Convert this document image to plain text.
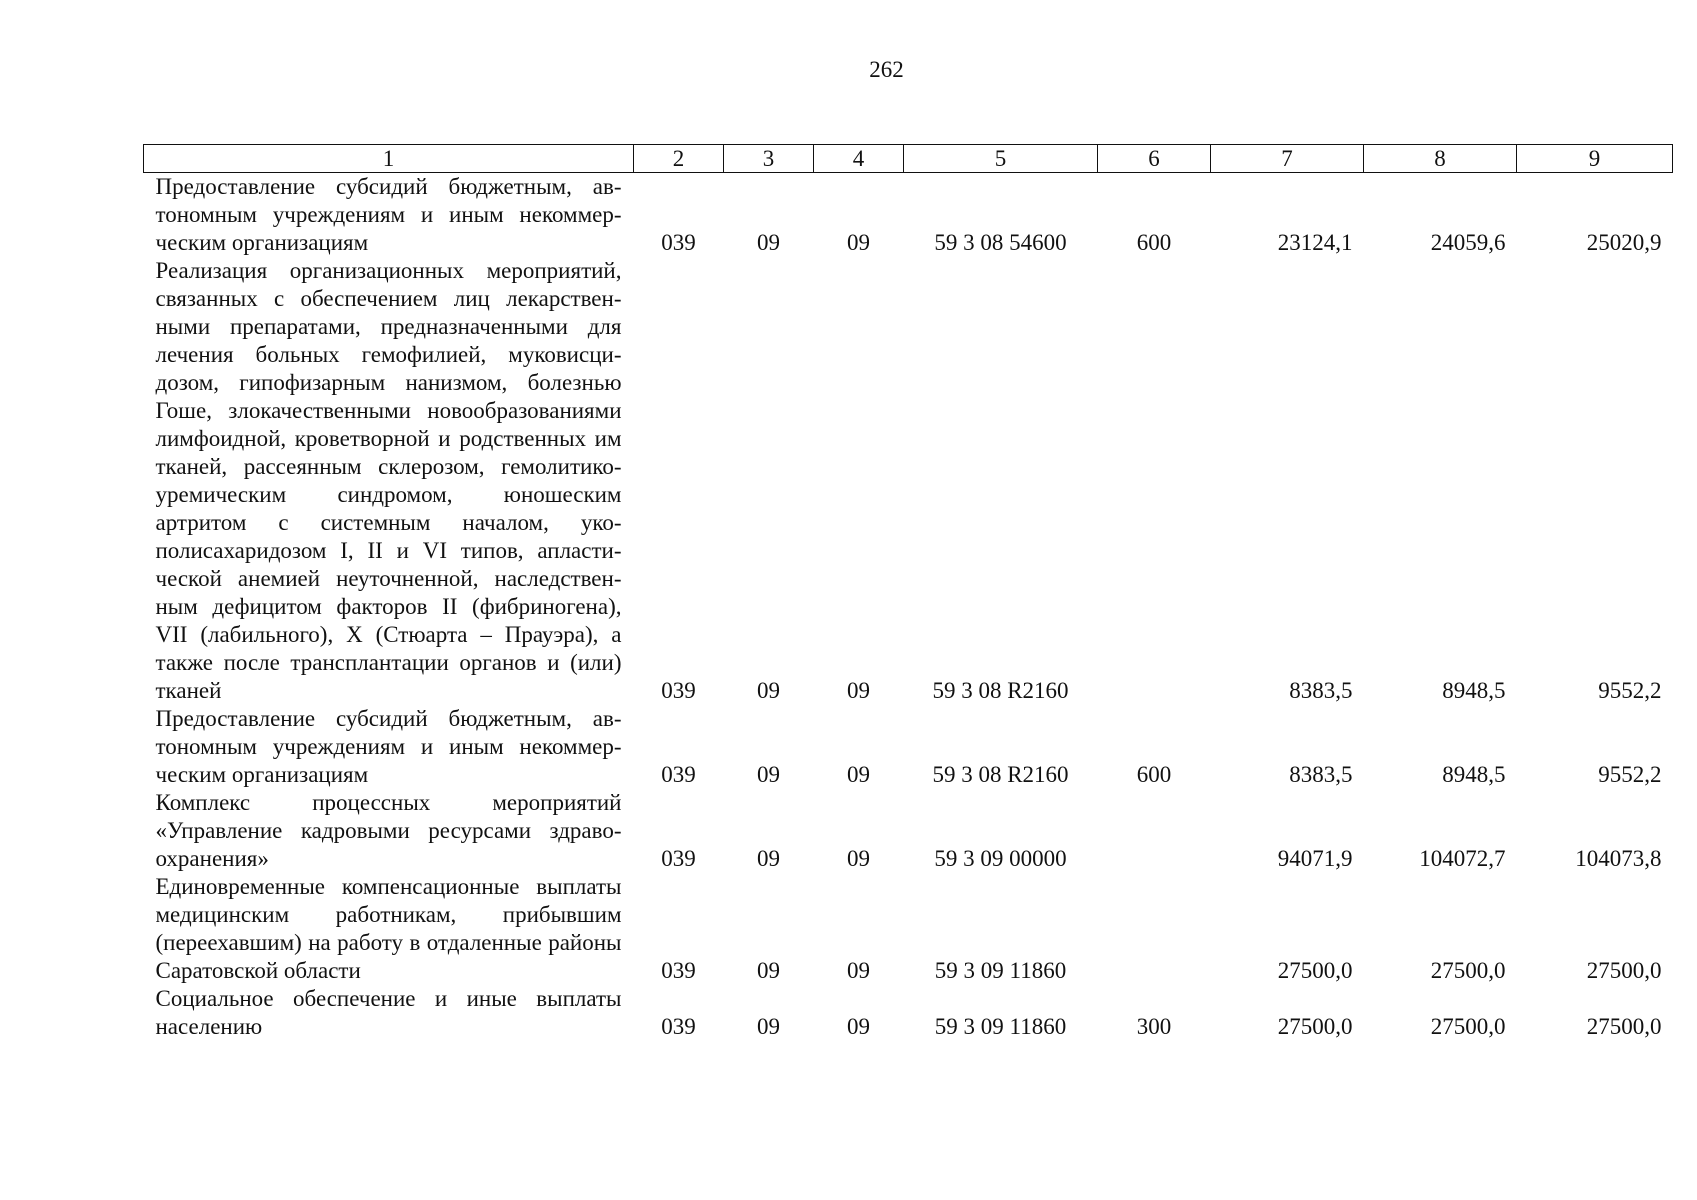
262
1	2	3	4	5	6	7	8	9
Предоставление субсидий бюджетным, автономным учреждениям и иным некоммерческим организациям	039	09	09	59 3 08 54600	600	23124,1	24059,6	25020,9
Реализация организационных мероприятий, связанных с обеспечением лиц лекарственными препаратами, предназначенными для лечения больных гемофилией, муковисцидозом, гипофизарным нанизмом, болезнью Гоше, злокачественными новообразованиями лимфоидной, кроветворной и родственных им тканей, рассеянным склерозом, гемолитико-уремическим синдромом, юношеским артритом с системным началом, укополисахаридозом I, II и VI типов, апластической анемией неуточненной, наследственным дефицитом факторов II (фибриногена), VII (лабильного), X (Стюарта – Прауэра), а также после трансплантации органов и (или) тканей	039	09	09	59 3 08 R2160		8383,5	8948,5	9552,2
Предоставление субсидий бюджетным, автономным учреждениям и иным некоммерческим организациям	039	09	09	59 3 08 R2160	600	8383,5	8948,5	9552,2
Комплекс процессных мероприятий «Управление кадровыми ресурсами здравоохранения»	039	09	09	59 3 09 00000		94071,9	104072,7	104073,8
Единовременные компенсационные выплаты медицинским работникам, прибывшим (переехавшим) на работу в отдаленные районы Саратовской области	039	09	09	59 3 09 11860		27500,0	27500,0	27500,0
Социальное обеспечение и иные выплаты населению	039	09	09	59 3 09 11860	300	27500,0	27500,0	27500,0
